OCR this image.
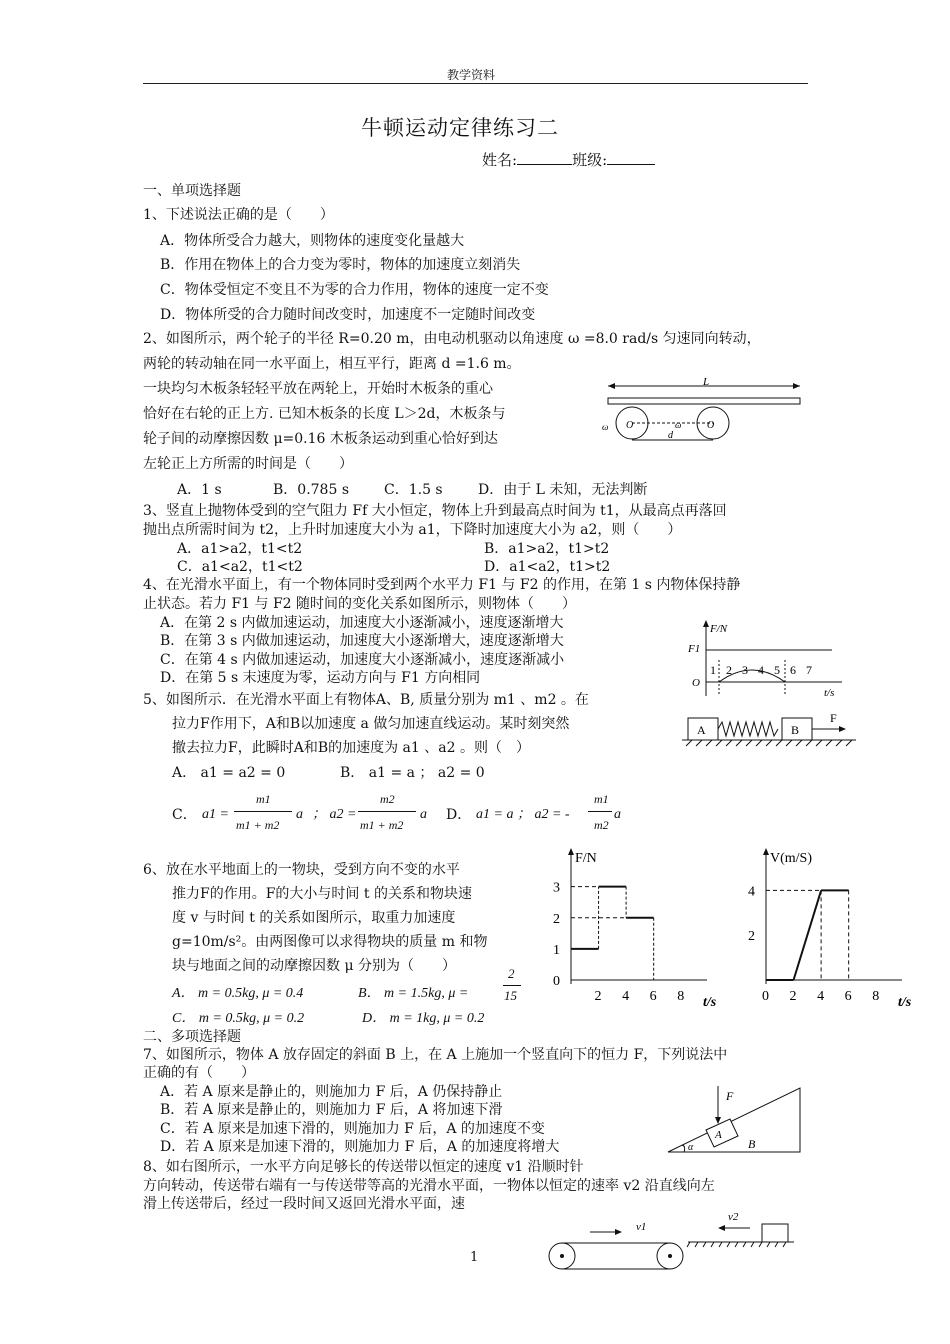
教学资料
牛顿运动定律练习二
姓名:	班级:
一、单项选择题
1、下述说法正确的是（　　）
A．物体所受合力越大，则物体的速度变化量越大
B．作用在物体上的合力变为零时，物体的加速度立刻消失
C．物体受恒定不变且不为零的合力作用，物体的速度一定不变
D．物体所受的合力随时间改变时，加速度不一定随时间改变
2、如图所示，两个轮子的半径 R=0.20 m，由电动机驱动以角速度 ω =8.0 rad/s 匀速同向转动，
两轮的转动轴在同一水平面上，相互平行，距离 d =1.6 m。
一块均匀木板条轻轻平放在两轮上，开始时木板条的重心
恰好在右轮的正上方. 已知木板条的长度 L＞2d，木板条与
轮子间的动摩擦因数 μ=0.16 木板条运动到重心恰好到达
左轮正上方所需的时间是（　　）
A．1 s	B．0.785 s C．1.5 s	D．由于 L 未知，无法判断
L
O	O
ω	ω
d
3、竖直上抛物体受到的空气阻力 Ff 大小恒定，物体上升到最高点时间为 t1，从最高点再落回
抛出点所需时间为 t2，上升时加速度大小为 a1，下降时加速度大小为 a2，则（　　）
A．a1>a2，t1<t2	B．a1>a2，t1>t2
C．a1<a2，t1<t2	D．a1<a2，t1>t2
4、在光滑水平面上，有一个物体同时受到两个水平力 F1 与 F2 的作用，在第 1 s 内物体保持静
止状态。若力 F1 与 F2 随时间的变化关系如图所示，则物体（　　）
A．在第 2 s 内做加速运动，加速度大小逐渐减小，速度逐渐增大
B．在第 3 s 内做加速运动，加速度大小逐渐增大，速度逐渐增大
C．在第 4 s 内做加速运动，加速度大小逐渐减小，速度逐渐减小
D．在第 5 s 末速度为零，运动方向与 F1 方向相同
F/N
F1
O
1 2 3 4 5 6 7
t/s
5、如图所示．在光滑水平面上有物体A、B, 质量分别为 m1 、m2 。在
拉力F作用下，A和B以加速度 a 做匀加速直线运动。某时刻突然
撤去拉力F，此瞬时A和B的加速度为 a1 、a2 。则（　）
A． a1 = a2 = 0	B． a1 = a ； a2 = 0
C． a1 =
m1
m1 + m2
a ； a2 =
m2
m1 + m2
a D． a1 = a ； a2 = -
m1
m2
a
A	B
F
6、放在水平地面上的一物块，受到方向不变的水平
推力F的作用。F的大小与时间 t 的关系和物块速
度 v 与时间 t 的关系如图所示，取重力加速度
g=10m/s²。由两图像可以求得物块的质量 m 和物
块与地面之间的动摩擦因数 μ 分别为（　　）
A． m = 0.5kg, μ = 0.4	B． m = 1.5kg, μ =
2
15
C． m = 0.5kg, μ = 0.2	D． m = 1kg, μ = 0.2
F/N
t/s
2 4 6 8
0
1
2
3
V(m/S)
t/s
0 2 4 6 8
2
4
二、多项选择题
7、如图所示，物体 A 放存固定的斜面 B 上，在 A 上施加一个竖直向下的恒力 F，下列说法中
正确的有（　　）
A．若 A 原来是静止的，则施加力 F 后，A 仍保持静止
B．若 A 原来是静止的，则施加力 F 后，A 将加速下滑
C．若 A 原来是加速下滑的，则施加力 F 后，A 的加速度不变
D．若 A 原来是加速下滑的，则施加力 F 后，A 的加速度将增大
F
A
B
α
8、如右图所示，一水平方向足够长的传送带以恒定的速度 v1 沿顺时针
方向转动，传送带右端有一与传送带等高的光滑水平面，一物体以恒定的速率 v2 沿直线向左
滑上传送带后，经过一段时间又返回光滑水平面，速
v1
v2
1
